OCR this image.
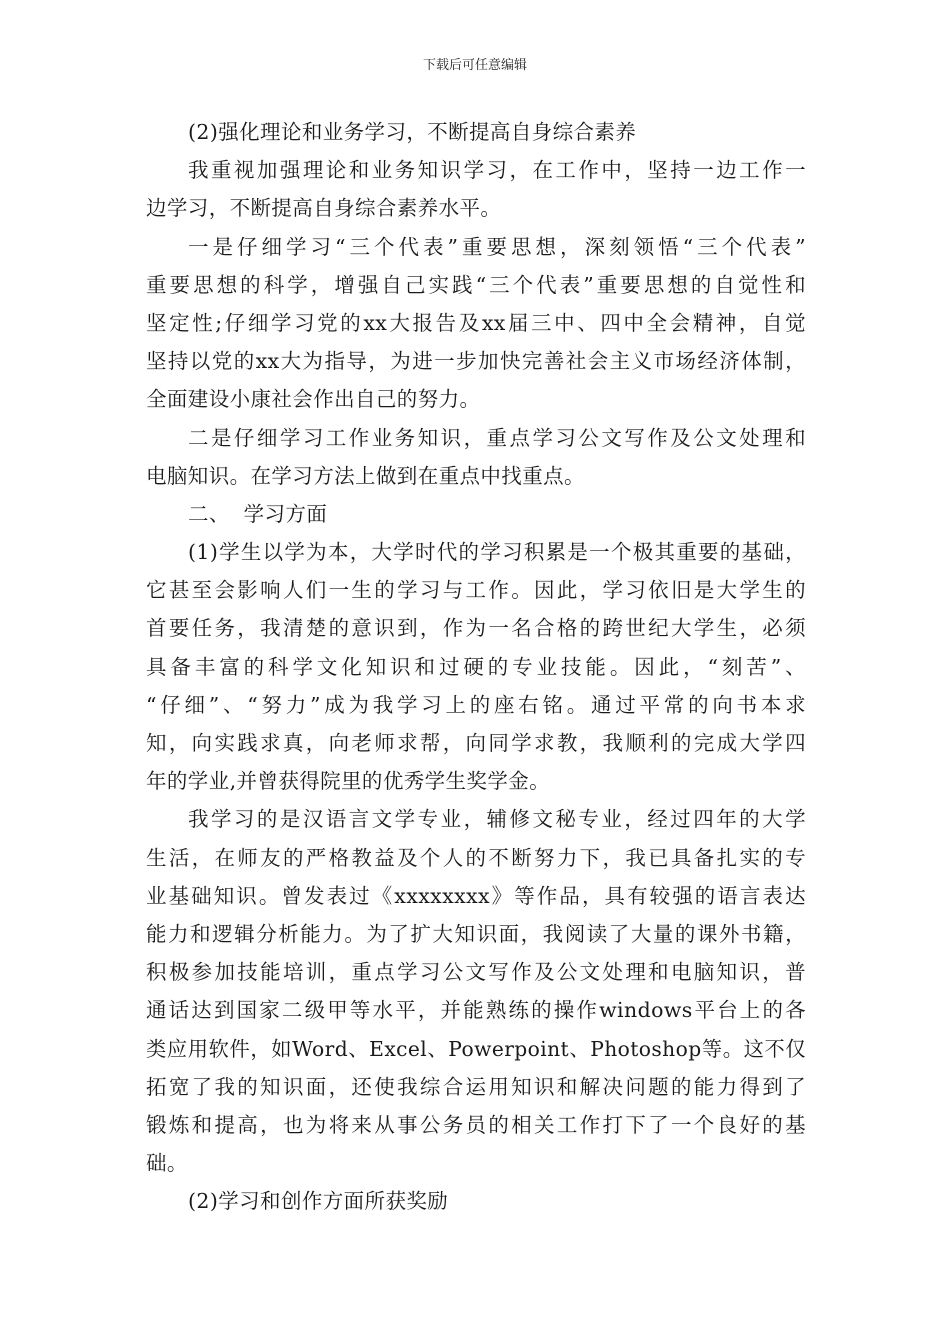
下载后可任意编辑
(2)强化理论和业务学习，不断提高自身综合素养
我重视加强理论和业务知识学习，在工作中，坚持一边工作一
边学习，不断提高自身综合素养水平。
一是仔细学习“三个代表”重要思想，深刻领悟“三个代表”
重要思想的科学，增强自己实践“三个代表”重要思想的自觉性和
坚定性;仔细学习党的xx大报告及xx届三中、四中全会精神，自觉
坚持以党的xx大为指导，为进一步加快完善社会主义市场经济体制，
全面建设小康社会作出自己的努力。
二是仔细学习工作业务知识，重点学习公文写作及公文处理和
电脑知识。在学习方法上做到在重点中找重点。
二、  学习方面
(1)学生以学为本，大学时代的学习积累是一个极其重要的基础，
它甚至会影响人们一生的学习与工作。因此，学习依旧是大学生的
首要任务，我清楚的意识到，作为一名合格的跨世纪大学生，必须
具备丰富的科学文化知识和过硬的专业技能。因此，“刻苦”、
“仔细”、“努力”成为我学习上的座右铭。通过平常的向书本求
知，向实践求真，向老师求帮，向同学求教，我顺利的完成大学四
年的学业,并曾获得院里的优秀学生奖学金。
我学习的是汉语言文学专业，辅修文秘专业，经过四年的大学
生活，在师友的严格教益及个人的不断努力下，我已具备扎实的专
业基础知识。曾发表过《xxxxxxxx》等作品，具有较强的语言表达
能力和逻辑分析能力。为了扩大知识面，我阅读了大量的课外书籍，
积极参加技能培训，重点学习公文写作及公文处理和电脑知识，普
通话达到国家二级甲等水平，并能熟练的操作windows平台上的各
类应用软件，如Word、Excel、Powerpoint、Photoshop等。这不仅
拓宽了我的知识面，还使我综合运用知识和解决问题的能力得到了
锻炼和提高，也为将来从事公务员的相关工作打下了一个良好的基
础。
(2)学习和创作方面所获奖励
